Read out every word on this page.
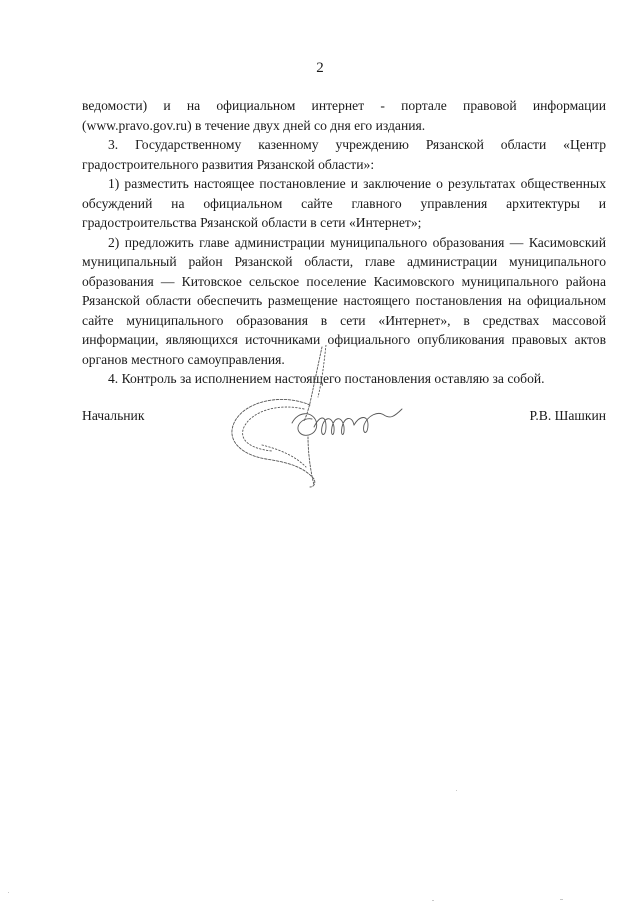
2

ведомости) и на официальном интернет - портале правовой информации (www.pravo.gov.ru) в течение двух дней со дня его издания.

3. Государственному казенному учреждению Рязанской области «Центр градостроительного развития Рязанской области»:

1) разместить настоящее постановление и заключение о результатах общественных обсуждений на официальном сайте главного управления архитектуры и градостроительства Рязанской области в сети «Интернет»;

2) предложить главе администрации муниципального образования — Касимовский муниципальный район Рязанской области, главе администрации муниципального образования — Китовское сельское поселение Касимовского муниципального района Рязанской области обеспечить размещение настоящего постановления на официальном сайте муниципального образования в сети «Интернет», в средствах массовой информации, являющихся источниками официального опубликования правовых актов органов местного самоуправления.

4. Контроль за исполнением настоящего постановления оставляю за собой.

Начальник	Р.В. Шашкин
